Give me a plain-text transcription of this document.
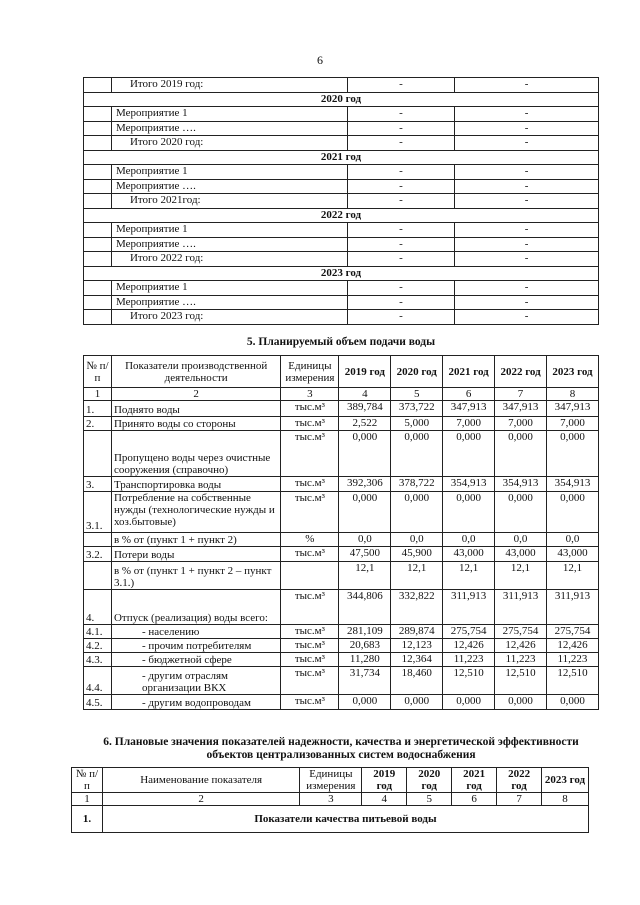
6
	Итого 2019 год:	-	-
2020 год			
	Мероприятие 1	-	-
	Мероприятие ….	-	-
	Итого 2020 год:	-	-
2021 год			
	Мероприятие 1	-	-
	Мероприятие ….	-	-
	Итого 2021год:	-	-
2022 год			
	Мероприятие 1	-	-
	Мероприятие ….	-	-
	Итого 2022 год:	-	-
2023 год			
	Мероприятие 1	-	-
	Мероприятие ….	-	-
	Итого 2023 год:	-	-
5. Планируемый объем подачи воды
№ п/п	Показатели производственной деятельности	Единицы измерения	2019 год	2020 год	2021 год	2022 год	2023 год
1	2	3	4	5	6	7	8
1.	Поднято воды	тыс.м³	389,784	373,722	347,913	347,913	347,913
2.	Принято воды со стороны	тыс.м³	2,522	5,000	7,000	7,000	7,000
	Пропущено воды через очистные сооружения (справочно)	тыс.м³	0,000	0,000	0,000	0,000	0,000
3.	Транспортировка воды	тыс.м³	392,306	378,722	354,913	354,913	354,913
3.1.	Потребление на собственные нужды (технологические нужды и хоз.бытовые)	тыс.м³	0,000	0,000	0,000	0,000	0,000
	в % от (пункт 1 + пункт 2)	%	0,0	0,0	0,0	0,0	0,0
3.2.	Потери воды	тыс.м³	47,500	45,900	43,000	43,000	43,000
	в % от (пункт 1 + пункт 2 – пункт 3.1.)		12,1	12,1	12,1	12,1	12,1
4.	Отпуск (реализация) воды всего:	тыс.м³	344,806	332,822	311,913	311,913	311,913
4.1.	- населению	тыс.м³	281,109	289,874	275,754	275,754	275,754
4.2.	- прочим потребителям	тыс.м³	20,683	12,123	12,426	12,426	12,426
4.3.	- бюджетной сфере	тыс.м³	11,280	12,364	11,223	11,223	11,223
4.4.	- другим отраслям организации ВКХ	тыс.м³	31,734	18,460	12,510	12,510	12,510
4.5.	- другим водопроводам	тыс.м³	0,000	0,000	0,000	0,000	0,000
6. Плановые значения показателей надежности, качества и энергетической эффективности объектов централизованных систем водоснабжения
№ п/п	Наименование показателя	Единицы измерения	2019 год	2020 год	2021 год	2022 год	2023 год
1	2	3	4	5	6	7	8
1.	Показатели качества питьевой воды						
